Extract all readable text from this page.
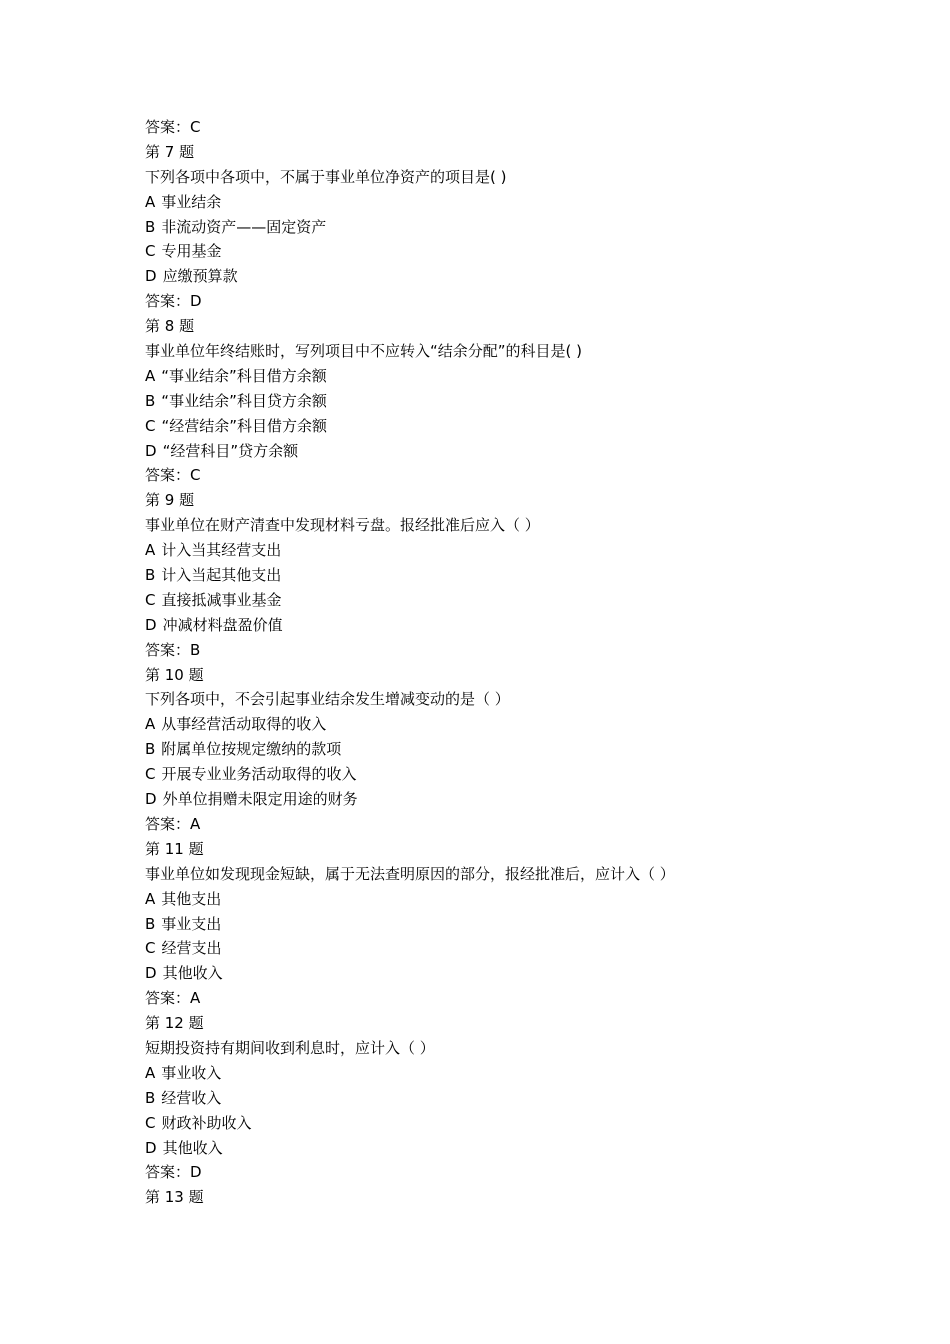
答案：C
第 7 题
下列各项中各项中，不属于事业单位净资产的项目是( )
A 事业结余
B 非流动资产——固定资产
C 专用基金
D 应缴预算款
答案：D
第 8 题
事业单位年终结账时，写列项目中不应转入“结余分配”的科目是( )
A “事业结余”科目借方余额
B “事业结余”科目贷方余额
C “经营结余”科目借方余额
D “经营科目”贷方余额
答案：C
第 9 题
事业单位在财产清查中发现材料亏盘。报经批准后应入（ ）
A 计入当其经营支出
B 计入当起其他支出
C 直接抵减事业基金
D 冲减材料盘盈价值
答案：B
第 10 题
下列各项中，不会引起事业结余发生增减变动的是（ ）
A 从事经营活动取得的收入
B 附属单位按规定缴纳的款项
C 开展专业业务活动取得的收入
D 外单位捐赠未限定用途的财务
答案：A
第 11 题
事业单位如发现现金短缺，属于无法查明原因的部分，报经批准后，应计入（ ）
A 其他支出
B 事业支出
C 经营支出
D 其他收入
答案：A
第 12 题
短期投资持有期间收到利息时，应计入（ ）
A 事业收入
B 经营收入
C 财政补助收入
D 其他收入
答案：D
第 13 题
